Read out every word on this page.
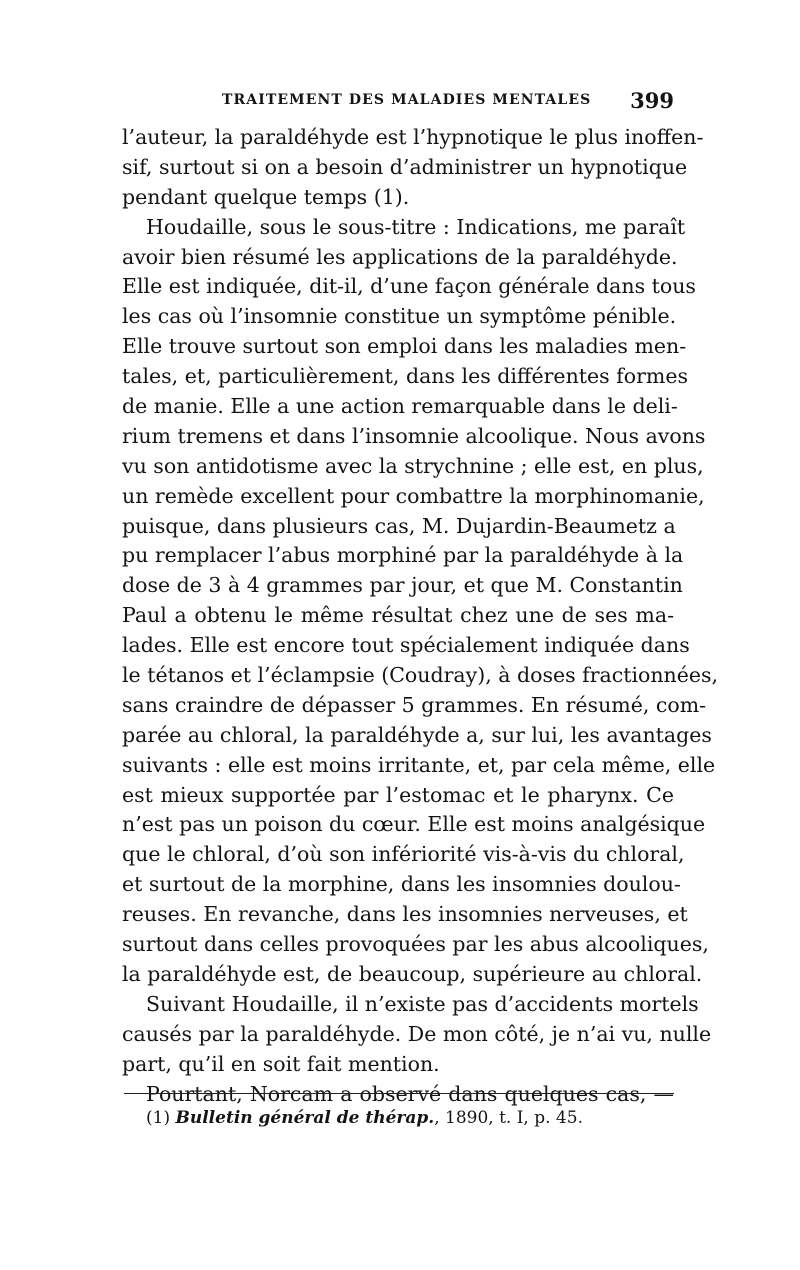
TRAITEMENT DES MALADIES MENTALES 399
l’auteur, la paraldéhyde est l’hypnotique le plus inoffen-
sif, surtout si on a besoin d’administrer un hypnotique
pendant quelque temps (1).
Houdaille, sous le sous-titre : Indications, me paraît
avoir bien résumé les applications de la paraldéhyde.
Elle est indiquée, dit-il, d’une façon générale dans tous
les cas où l’insomnie constitue un symptôme pénible.
Elle trouve surtout son emploi dans les maladies men-
tales, et, particulièrement, dans les différentes formes
de manie. Elle a une action remarquable dans le deli-
rium tremens et dans l’insomnie alcoolique. Nous avons
vu son antidotisme avec la strychnine ; elle est, en plus,
un remède excellent pour combattre la morphinomanie,
puisque, dans plusieurs cas, M. Dujardin-Beaumetz a
pu remplacer l’abus morphiné par la paraldéhyde à la
dose de 3 à 4 grammes par jour, et que M. Constantin
Paul a obtenu le même résultat chez une de ses ma-
lades. Elle est encore tout spécialement indiquée dans
le tétanos et l’éclampsie (Coudray), à doses fractionnées,
sans craindre de dépasser 5 grammes. En résumé, com-
parée au chloral, la paraldéhyde a, sur lui, les avantages
suivants : elle est moins irritante, et, par cela même, elle
est mieux supportée par l’estomac et le pharynx. Ce
n’est pas un poison du cœur. Elle est moins analgésique
que le chloral, d’où son infériorité vis-à-vis du chloral,
et surtout de la morphine, dans les insomnies doulou-
reuses. En revanche, dans les insomnies nerveuses, et
surtout dans celles provoquées par les abus alcooliques,
la paraldéhyde est, de beaucoup, supérieure au chloral.
Suivant Houdaille, il n’existe pas d’accidents mortels
causés par la paraldéhyde. De mon côté, je n’ai vu, nulle
part, qu’il en soit fait mention.
Pourtant, Norcam a observé dans quelques cas, —
(1) Bulletin général de thérap., 1890, t. I, p. 45.
